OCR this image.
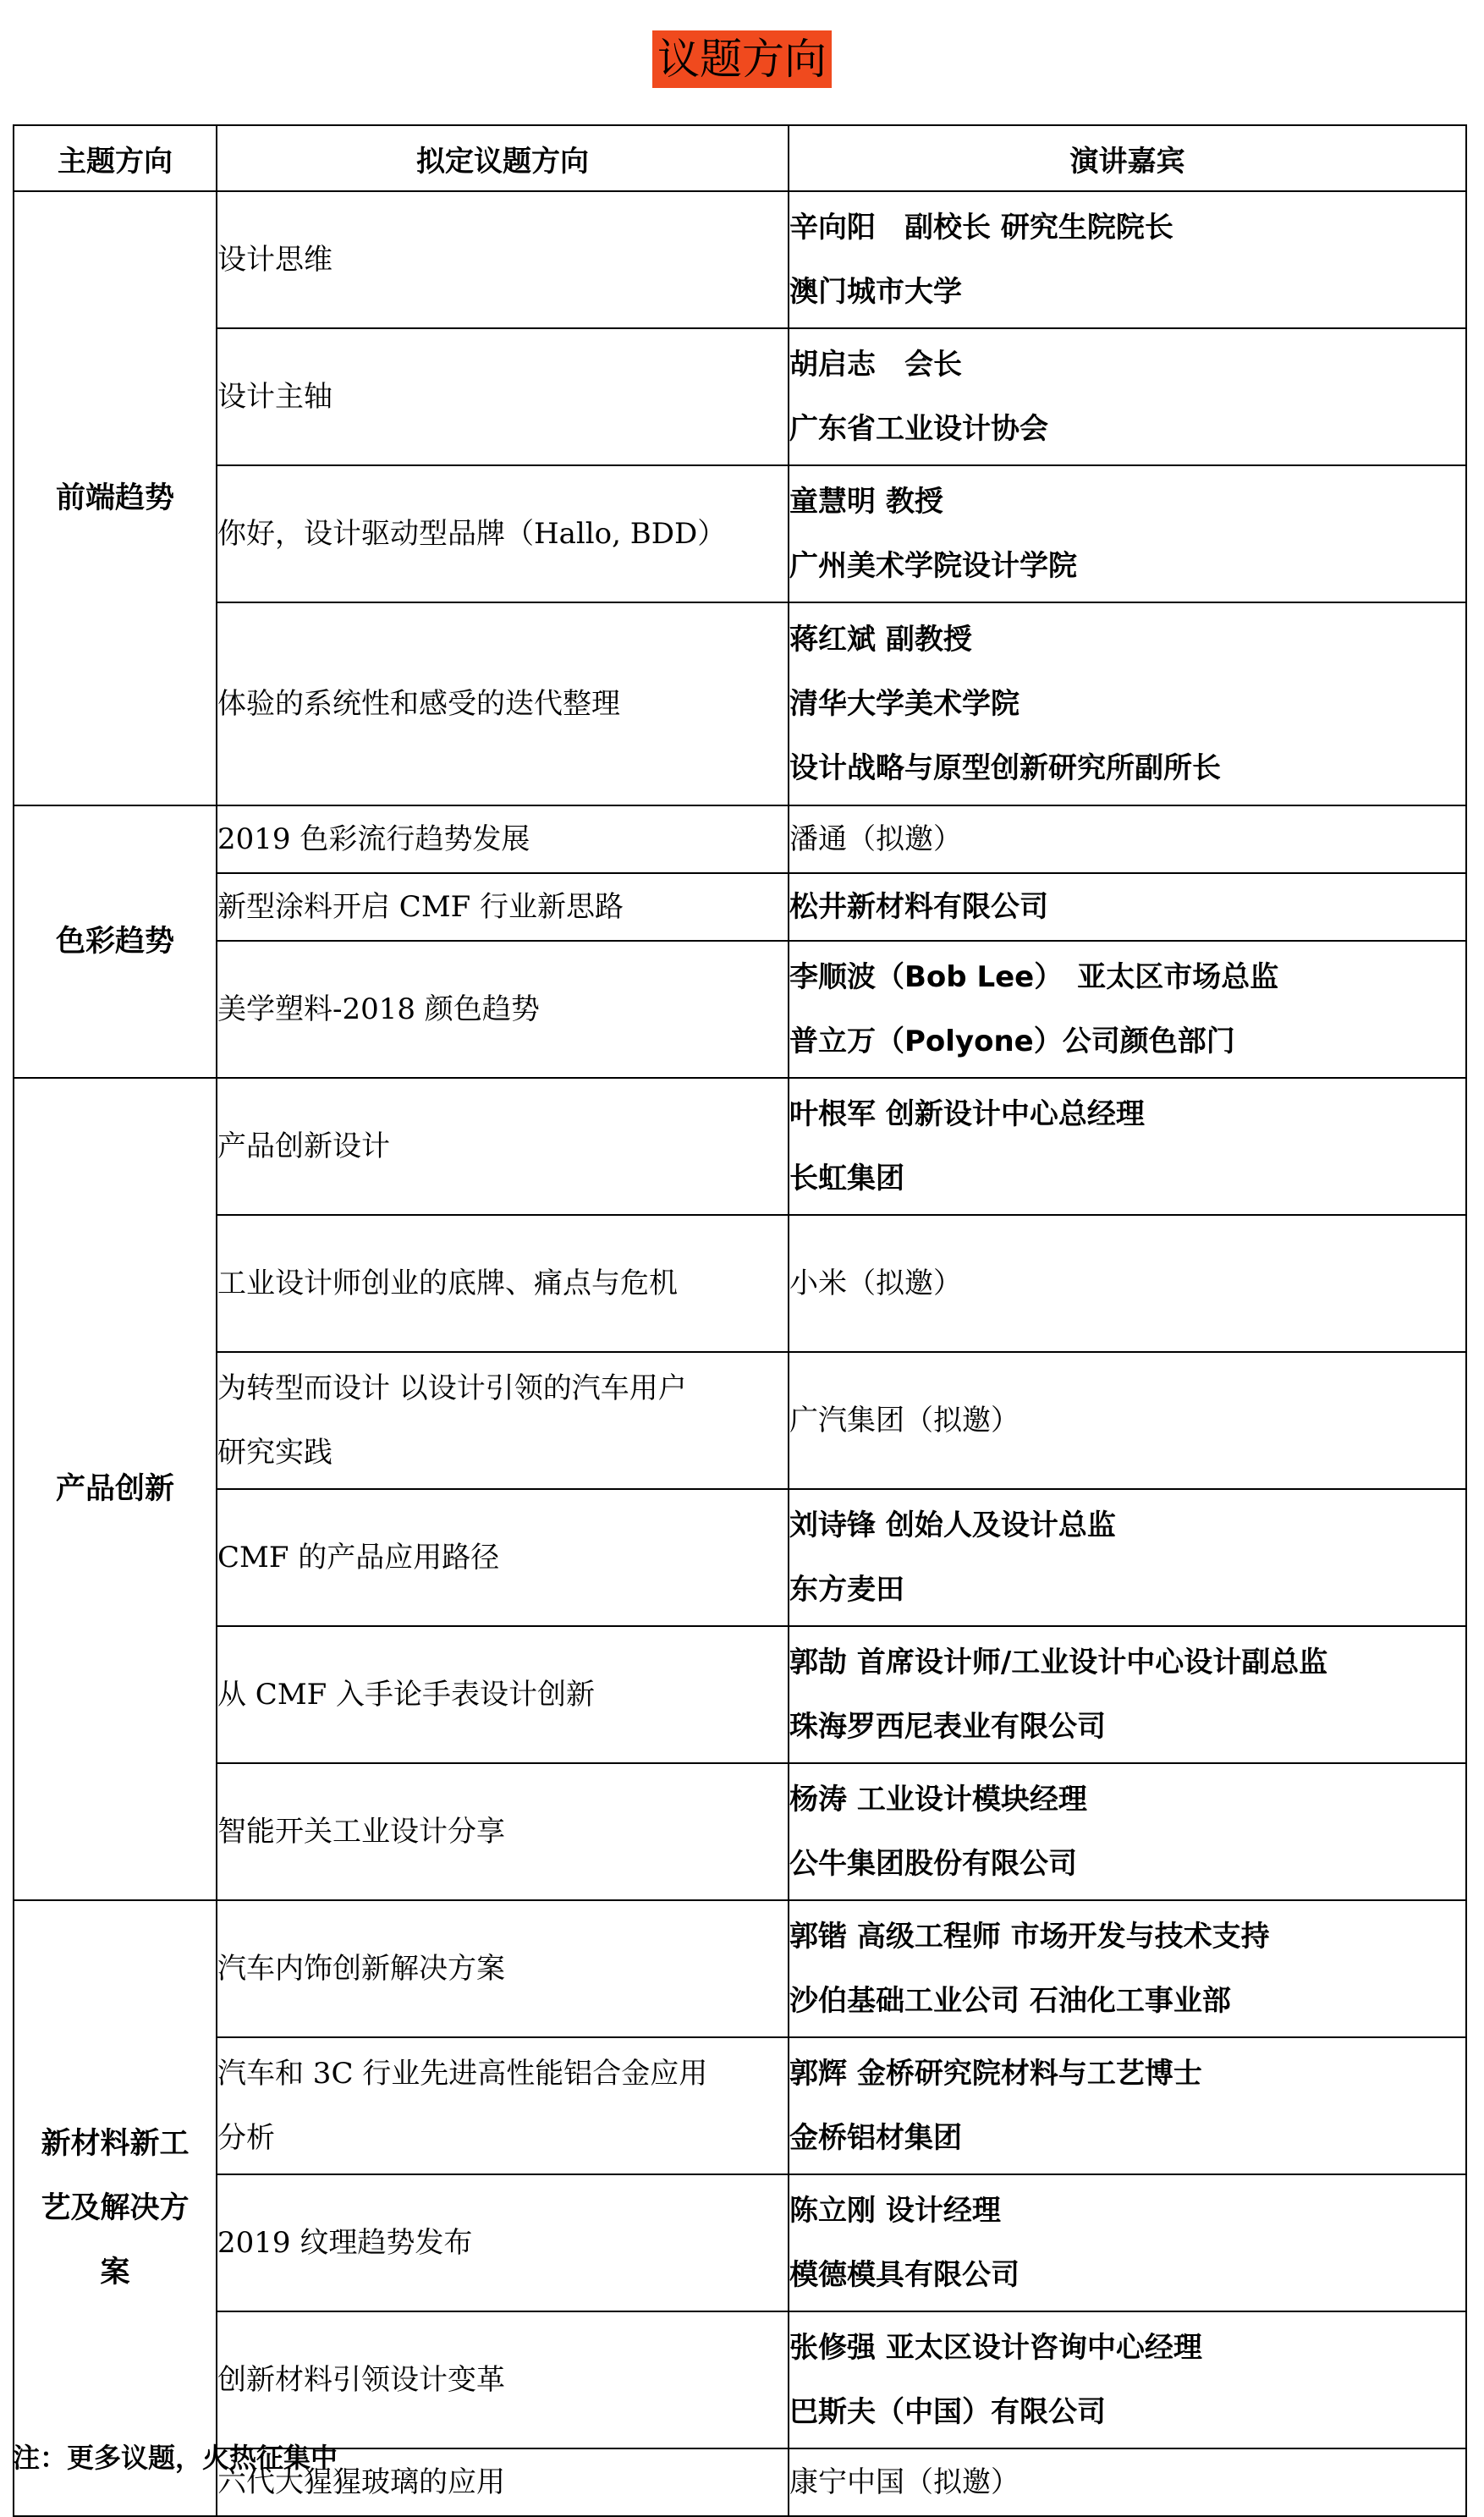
议题方向
主题方向	拟定议题方向	演讲嘉宾
前端趋势	设计思维	辛向阳　副校长 研究生院院长
澳门城市大学

	设计主轴	胡启志　会长
广东省工业设计协会

	你好，设计驱动型品牌（Hallo, BDD）	童慧明 教授
广州美术学院设计学院

	体验的系统性和感受的迭代整理	蒋红斌 副教授
清华大学美术学院
设计战略与原型创新研究所副所长

色彩趋势	2019 色彩流行趋势发展	潘通（拟邀）

	新型涂料开启 CMF 行业新思路	松井新材料有限公司

	美学塑料-2018 颜色趋势	李顺波（Bob Lee）　亚太区市场总监
普立万（Polyone）公司颜色部门

产品创新	产品创新设计	叶根军 创新设计中心总经理
长虹集团

	工业设计师创业的底牌、痛点与危机	小米（拟邀）

	为转型而设计 以设计引领的汽车用户
研究实践	广汽集团（拟邀）

	CMF 的产品应用路径	刘诗锋 创始人及设计总监
东方麦田

	从 CMF 入手论手表设计创新	郭劼 首席设计师/工业设计中心设计副总监
珠海罗西尼表业有限公司

	智能开关工业设计分享	杨涛 工业设计模块经理
公牛集团股份有限公司

新材料新工
艺及解决方
案	汽车内饰创新解决方案	郭锴 高级工程师 市场开发与技术支持
沙伯基础工业公司 石油化工事业部

	汽车和 3C 行业先进高性能铝合金应用
分析	郭辉 金桥研究院材料与工艺博士
金桥铝材集团

	2019 纹理趋势发布	陈立刚 设计经理
模德模具有限公司

	创新材料引领设计变革	张修强 亚太区设计咨询中心经理
巴斯夫（中国）有限公司

	六代大猩猩玻璃的应用	康宁中国（拟邀）
注：更多议题，火热征集中
